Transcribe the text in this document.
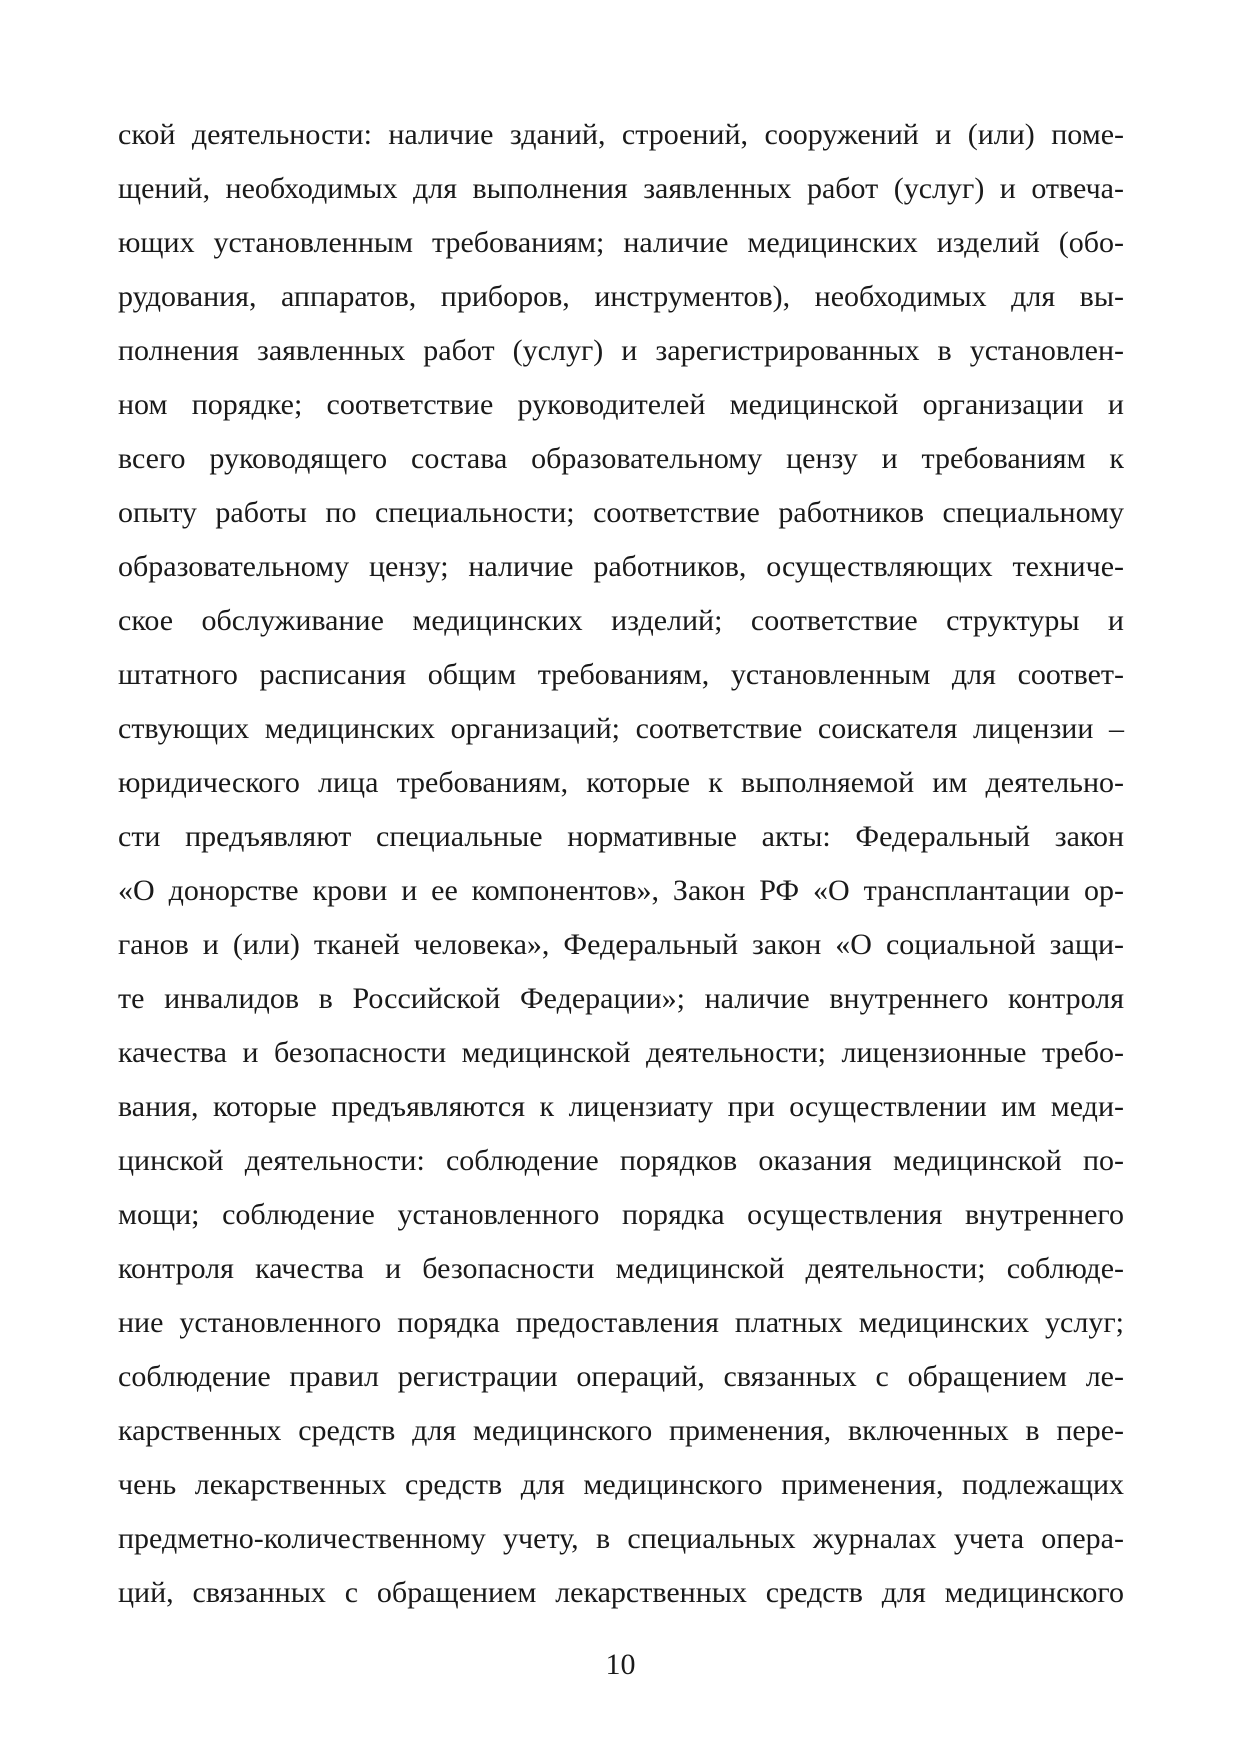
ской деятельности: наличие зданий, строений, сооружений и (или) поме-
щений, необходимых для выполнения заявленных работ (услуг) и отвеча-
ющих установленным требованиям; наличие медицинских изделий (обо-
рудования, аппаратов, приборов, инструментов), необходимых для вы-
полнения заявленных работ (услуг) и зарегистрированных в установлен-
ном порядке; соответствие руководителей медицинской организации и
всего руководящего состава образовательному цензу и требованиям к
опыту работы по специальности; соответствие работников специальному
образовательному цензу; наличие работников, осуществляющих техниче-
ское обслуживание медицинских изделий; соответствие структуры и
штатного расписания общим требованиям, установленным для соответ-
ствующих медицинских организаций; соответствие соискателя лицензии –
юридического лица требованиям, которые к выполняемой им деятельно-
сти предъявляют специальные нормативные акты: Федеральный закон
«О донорстве крови и ее компонентов», Закон РФ «О трансплантации ор-
ганов и (или) тканей человека», Федеральный закон «О социальной защи-
те инвалидов в Российской Федерации»; наличие внутреннего контроля
качества и безопасности медицинской деятельности; лицензионные требо-
вания, которые предъявляются к лицензиату при осуществлении им меди-
цинской деятельности: соблюдение порядков оказания медицинской по-
мощи; соблюдение установленного порядка осуществления внутреннего
контроля качества и безопасности медицинской деятельности; соблюде-
ние установленного порядка предоставления платных медицинских услуг;
соблюдение правил регистрации операций, связанных с обращением ле-
карственных средств для медицинского применения, включенных в пере-
чень лекарственных средств для медицинского применения, подлежащих
предметно-количественному учету, в специальных журналах учета опера-
ций, связанных с обращением лекарственных средств для медицинского
10
